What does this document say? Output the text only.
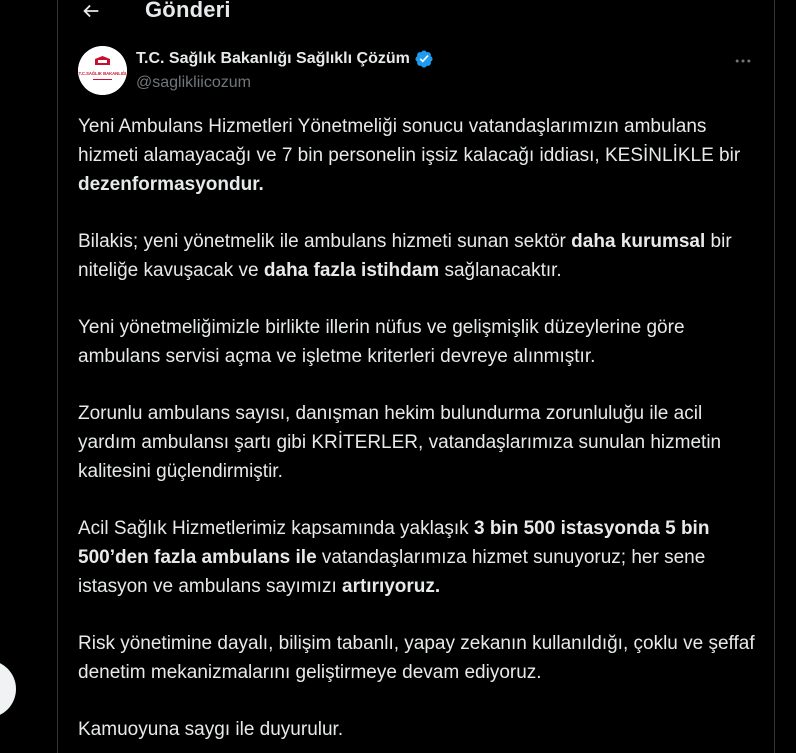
Gönderi
T.C.SAĞLIK BAKANLIĞI
T.C. Sağlık Bakanlığı Sağlıklı Çözüm
@saglikliicozum

Yeni Ambulans Hizmetleri Yönetmeliği sonucu vatandaşlarımızın ambulans hizmeti alamayacağı ve 7 bin personelin işsiz kalacağı iddiası, KESİNLİKLE bir dezenformasyondur.

Bilakis; yeni yönetmelik ile ambulans hizmeti sunan sektör daha kurumsal bir niteliğe kavuşacak ve daha fazla istihdam sağlanacaktır.

Yeni yönetmeliğimizle birlikte illerin nüfus ve gelişmişlik düzeylerine göre ambulans servisi açma ve işletme kriterleri devreye alınmıştır.

Zorunlu ambulans sayısı, danışman hekim bulundurma zorunluluğu ile acil yardım ambulansı şartı gibi KRİTERLER, vatandaşlarımıza sunulan hizmetin kalitesini güçlendirmiştir.

Acil Sağlık Hizmetlerimiz kapsamında yaklaşık 3 bin 500 istasyonda 5 bin 500’den fazla ambulans ile vatandaşlarımıza hizmet sunuyoruz; her sene istasyon ve ambulans sayımızı artırıyoruz.

Risk yönetimine dayalı, bilişim tabanlı, yapay zekanın kullanıldığı, çoklu ve şeffaf denetim mekanizmalarını geliştirmeye devam ediyoruz.

Kamuoyuna saygı ile duyurulur.
